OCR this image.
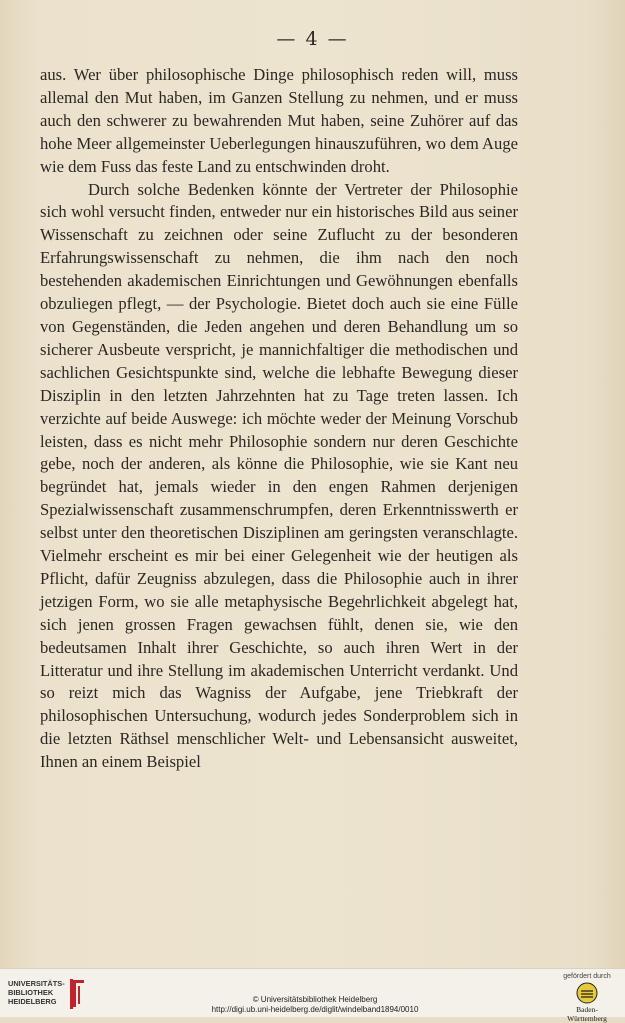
— 4 —

aus. Wer über philosophische Dinge philosophisch reden will, muss allemal den Mut haben, im Ganzen Stellung zu nehmen, und er muss auch den schwerer zu bewahrenden Mut haben, seine Zuhörer auf das hohe Meer allgemeinster Ueberlegungen hinauszuführen, wo dem Auge wie dem Fuss das feste Land zu entschwinden droht.

Durch solche Bedenken könnte der Vertreter der Philosophie sich wohl versucht finden, entweder nur ein historisches Bild aus seiner Wissenschaft zu zeichnen oder seine Zuflucht zu der besonderen Erfahrungswissenschaft zu nehmen, die ihm nach den noch bestehenden akademischen Einrichtungen und Gewöhnungen ebenfalls obzuliegen pflegt, — der Psychologie. Bietet doch auch sie eine Fülle von Gegenständen, die Jeden angehen und deren Behandlung um so sicherer Ausbeute verspricht, je mannichfaltiger die methodischen und sachlichen Gesichtspunkte sind, welche die lebhafte Bewegung dieser Disziplin in den letzten Jahrzehnten hat zu Tage treten lassen. Ich verzichte auf beide Auswege: ich möchte weder der Meinung Vorschub leisten, dass es nicht mehr Philosophie sondern nur deren Geschichte gebe, noch der anderen, als könne die Philosophie, wie sie Kant neu begründet hat, jemals wieder in den engen Rahmen derjenigen Spezialwissenschaft zusammenschrumpfen, deren Erkenntnisswerth er selbst unter den theoretischen Disziplinen am geringsten veranschlagte. Vielmehr erscheint es mir bei einer Gelegenheit wie der heutigen als Pflicht, dafür Zeugniss abzulegen, dass die Philosophie auch in ihrer jetzigen Form, wo sie alle metaphysische Begehrlichkeit abgelegt hat, sich jenen grossen Fragen gewachsen fühlt, denen sie, wie den bedeutsamen Inhalt ihrer Geschichte, so auch ihren Wert in der Litteratur und ihre Stellung im akademischen Unterricht verdankt. Und so reizt mich das Wagniss der Aufgabe, jene Triebkraft der philosophischen Untersuchung, wodurch jedes Sonderproblem sich in die letzten Räthsel menschlicher Welt- und Lebensansicht ausweitet, Ihnen an einem Beispiel

UNIVERSITÄTS-
BIBLIOTHEK
HEIDELBERG	© Universitätsbibliothek Heidelberg
http://digi.ub.uni-heidelberg.de/diglit/windelband1894/0010
gefördert durch
Baden-Württemberg
